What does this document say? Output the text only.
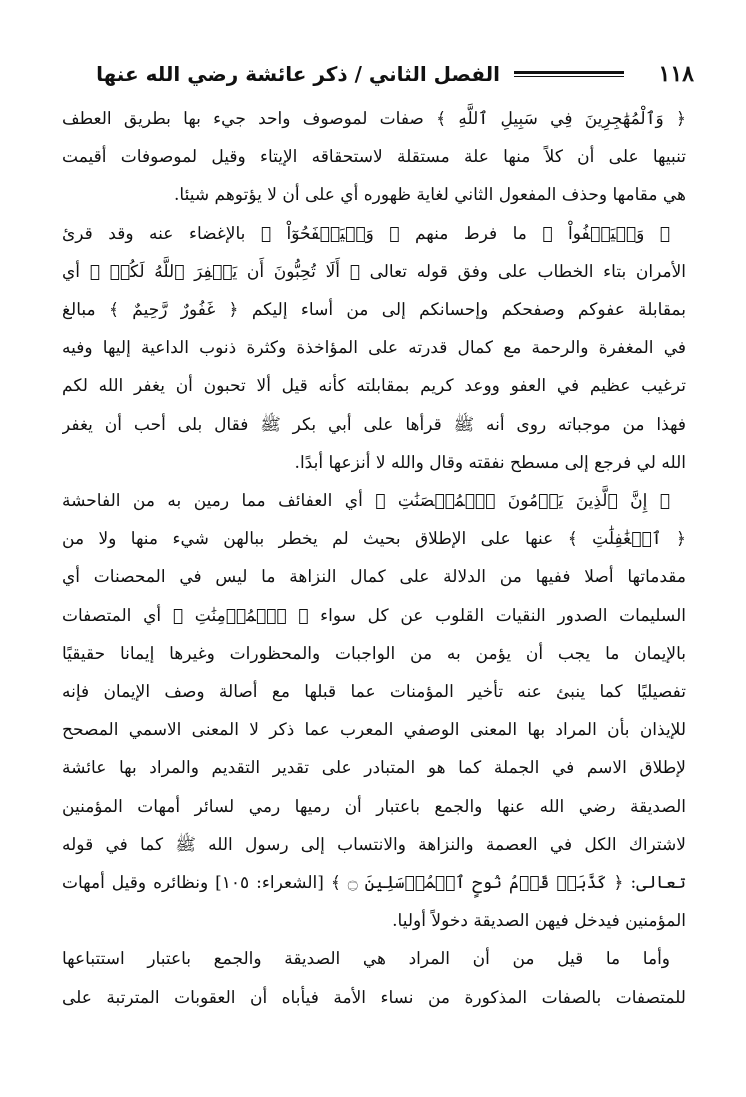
١١٨
الفصل الثاني / ذكر عائشة رضي الله عنها
﴿ وَٱلْمُهَٰجِرِينَ فِي سَبِيلِ ٱللَّهِ ﴾ صفات لموصوف واحد جيء بها بطريق العطف
تنبيها على أن كلاً منها علة مستقلة لاستحقاقه الإيتاء وقيل لموصوفات أقيمت
هي مقامها وحذف المفعول الثاني لغاية ظهوره أي على أن لا يؤتوهم شيئا.
﴿ وَلۡيَعۡفُواْ ﴾ ما فرط منهم ﴿ وَلۡيَصۡفَحُوٓاْ ﴾ بالإغضاء عنه وقد قرئ
الأمران بتاء الخطاب على وفق قوله تعالى ﴿ أَلَا تُحِبُّونَ أَن يَغۡفِرَ ٱللَّهُ لَكُمۡ ﴾ أي
بمقابلة عفوكم وصفحكم وإحسانكم إلى من أساء إليكم ﴿ غَفُورٌ رَّحِيمٌ ﴾ مبالغ
في المغفرة والرحمة مع كمال قدرته على المؤاخذة وكثرة ذنوب الداعية إليها وفيه
ترغيب عظيم في العفو ووعد كريم بمقابلته كأنه قيل ألا تحبون أن يغفر الله لكم
فهذا من موجباته روى أنه ﷺ قرأها على أبي بكر ﷺ فقال بلى أحب أن يغفر
الله لي فرجع إلى مسطح نفقته وقال والله لا أنزعها أبدًا.
﴿ إِنَّ ٱلَّذِينَ يَرۡمُونَ ٱلۡمُحۡصَنَٰتِ ﴾ أي العفائف مما رمين به من الفاحشة
﴿ ٱلۡغَٰفِلَٰتِ ﴾ عنها على الإطلاق بحيث لم يخطر ببالهن شيء منها ولا من
مقدماتها أصلا ففيها من الدلالة على كمال النزاهة ما ليس في المحصنات أي
السليمات الصدور النقيات القلوب عن كل سواء ﴿ ٱلۡمُؤۡمِنَٰتِ ﴾ أي المتصفات
بالإيمان ما يجب أن يؤمن به من الواجبات والمحظورات وغيرها إيمانا حقيقيًا
تفصيليًا كما ينبئ عنه تأخير المؤمنات عما قبلها مع أصالة وصف الإيمان فإنه
للإيذان بأن المراد بها المعنى الوصفي المعرب عما ذكر لا المعنى الاسمي المصحح
لإطلاق الاسم في الجملة كما هو المتبادر على تقدير التقديم والمراد بها عائشة
الصديقة رضي الله عنها والجمع باعتبار أن رميها رمي لسائر أمهات المؤمنين
لاشتراك الكل في العصمة والنزاهة والانتساب إلى رسول الله ﷺ كما في قوله
تعالى: ﴿ كَذَّبَتۡ قَوۡمُ نُوحٍ ٱلۡمُرۡسَلِينَ ۝ ﴾ [الشعراء: ١٠٥] ونظائره وقيل أمهات
المؤمنين فيدخل فيهن الصديقة دخولاً أوليا.
وأما ما قيل من أن المراد هي الصديقة والجمع باعتبار استتباعها
للمتصفات بالصفات المذكورة من نساء الأمة فيأباه أن العقوبات المترتبة على
